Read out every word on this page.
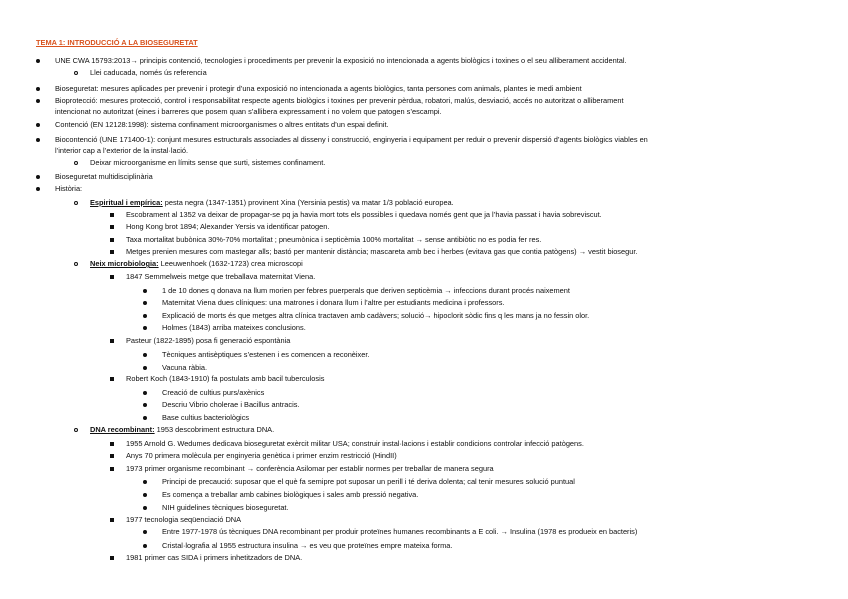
TEMA 1: INTRODUCCIÓ A LA BIOSEGURETAT
UNE CWA 15793:2013→ principis contenció, tecnologies i procediments per prevenir la exposició no intencionada a agents biològics i toxines o el seu alliberament accidental.
Llei caducada, només ús referencia
Bioseguretat: mesures aplicades per prevenir i protegir d’una exposició no intencionada a agents biològics, tanta persones com animals, plantes ie medi ambient
Bioprotecció: mesures protecció, control i responsabilitat respecte agents biològics i toxines per prevenir pèrdua, robatori, malús, desviació, accés no autoritzat o alliberament
intencionat no autoritzat (eines i barreres que posem quan s’allibera expressament i no volem que patogen s’escampi.
Contenció (EN 12128:1998): sistema confinament microorganismes o altres entitats d’un espai definit.
Biocontenció (UNE 171400-1): conjunt mesures estructurals associades al disseny i construcció, enginyeria i equipament per reduir o prevenir dispersió d’agents biològics viables en
l’interior cap a l’exterior de la instal·lació.
Deixar microorganisme en límits sense que surti, sistemes confinament.
Bioseguretat multidisciplinària
Història:
Espiritual i empírica: pesta negra (1347-1351) provinent Xina (Yersinia pestis) va matar 1/3 població europea.
Escobrament al 1352 va deixar de propagar-se pq ja havia mort tots els possibles i quedava només gent que ja l’havia passat i havia sobreviscut.
Hong Kong brot 1894; Alexander Yersis va identificar patogen.
Taxa mortalitat bubònica 30%-70% mortalitat ; pneumònica i septicèmia 100% mortalitat → sense antibiòtic no es podia fer res.
Metges prenien mesures com mastegar alls; bastó per mantenir distància; mascareta amb bec i herbes (evitava gas que contia patògens) → vestit biosegur.
Neix microbiologia: Leeuwenhoek (1632-1723) crea microscopi
1847 Semmelweis metge que treballava maternitat Viena.
1 de 10 dones q donava na llum morien per febres puerperals que deriven septicèmia → infeccions durant procés naixement
Maternitat Viena dues clíniques: una matrones i donara llum i l’altre per estudiants medicina i professors.
Explicació de morts és que metges altra clínica tractaven amb cadàvers; solució→ hipoclorit sòdic fins q les mans ja no fessin olor.
Holmes (1843) arriba mateixes conclusions.
Pasteur (1822-1895) posa fi generació espontània
Tècniques antisèptiques s’estenen i es comencen a reconèixer.
Vacuna ràbia.
Robert Koch (1843-1910) fa postulats amb bacil tuberculosis
Creació de cultius purs/axènics
Descriu Vibrio cholerae i Bacillus antracis.
Base cultius bacteriològics
DNA recombinant: 1953 descobriment estructura DNA.
1955 Arnold G. Wedumes dedicava bioseguretat exèrcit militar USA; construir instal·lacions i establir condicions controlar infecció patògens.
Anys 70 primera molècula per enginyeria genètica i primer enzim restricció (HindII)
1973 primer organisme recombinant → conferència Asilomar per establir normes per treballar de manera segura
Principi de precaució: suposar que el què fa semipre pot suposar un perill i té deriva dolenta; cal tenir mesures solució puntual
Es comença a treballar amb cabines biològiques i sales amb pressió negativa.
NIH guidelines tècniques bioseguretat.
1977 tecnologia seqüenciació DNA
Entre 1977-1978 ús tècniques DNA recombinant per produir proteïnes humanes recombinants a E coli. → Insulina (1978 es produeix en bacteris)
Cristal·lografia al 1955 estructura insulina → es veu que proteïnes empre mateixa forma.
1981 primer cas SIDA i primers inhetitzadors de DNA.
